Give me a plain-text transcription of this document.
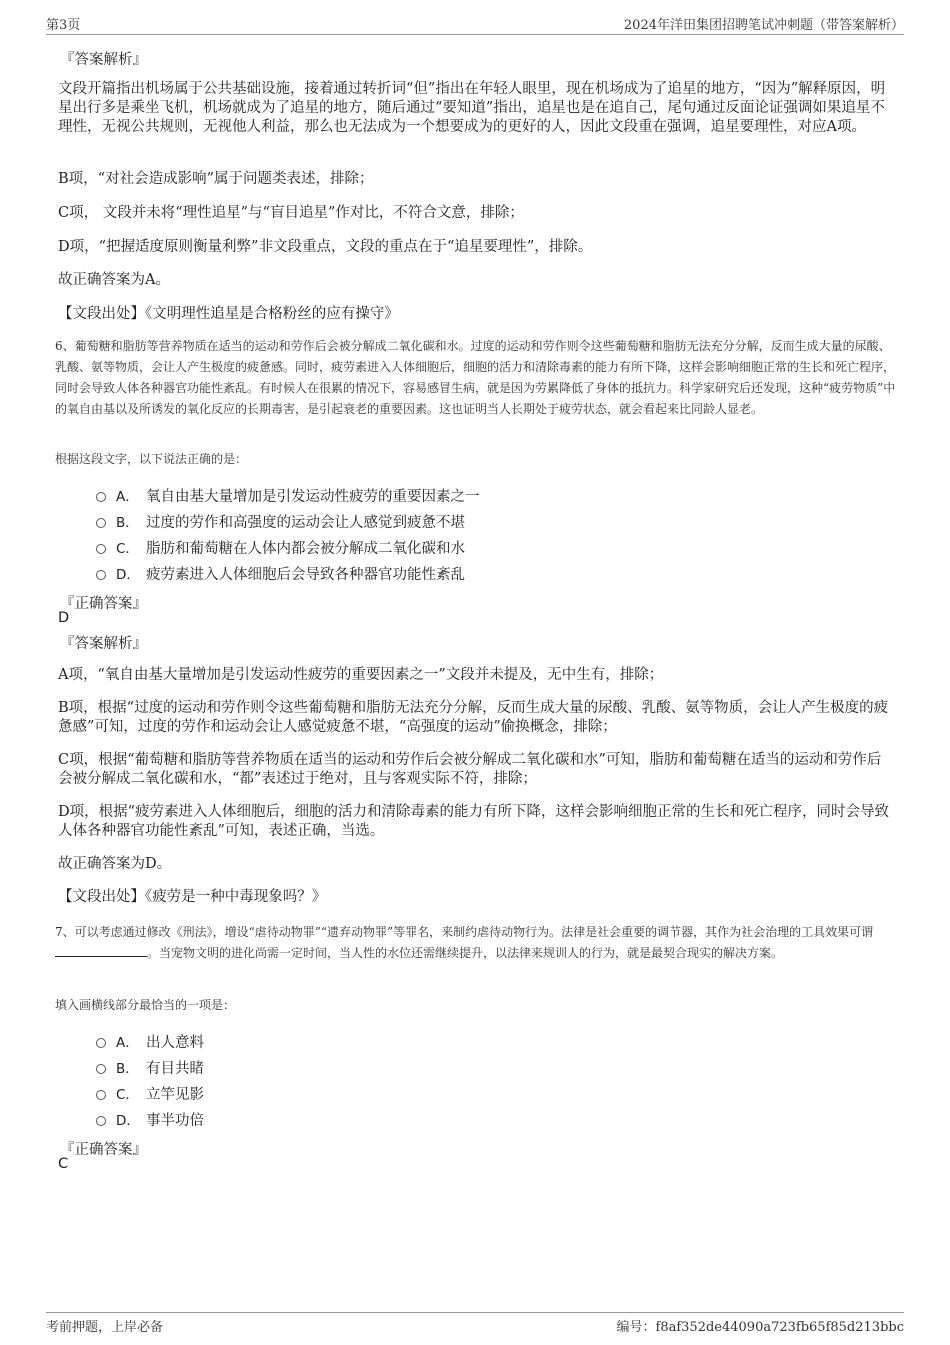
第3页	2024年洋田集团招聘笔试冲刺题（带答案解析）
『答案解析』

文段开篇指出机场属于公共基础设施，接着通过转折词“但”指出在年轻人眼里，现在机场成为了追星的地方，“因为”解释原因，明星出行多是乘坐飞机，机场就成为了追星的地方，随后通过“要知道”指出，追星也是在追自己，尾句通过反面论证强调如果追星不理性，无视公共规则，无视他人利益，那么也无法成为一个想要成为的更好的人，因此文段重在强调，追星要理性，对应A项。

B项，“对社会造成影响”属于问题类表述，排除；

C项， 文段并未将“理性追星”与“盲目追星”作对比，不符合文意，排除；

D项，“把握适度原则衡量利弊”非文段重点，文段的重点在于“追星要理性”，排除。

故正确答案为A。

【文段出处】《文明理性追星是合格粉丝的应有操守》

6、葡萄糖和脂肪等营养物质在适当的运动和劳作后会被分解成二氧化碳和水。过度的运动和劳作则令这些葡萄糖和脂肪无法充分分解，反而生成大量的尿酸、乳酸、氨等物质，会让人产生极度的疲惫感。同时，疲劳素进入人体细胞后，细胞的活力和清除毒素的能力有所下降，这样会影响细胞正常的生长和死亡程序，同时会导致人体各种器官功能性紊乱。有时候人在很累的情况下，容易感冒生病，就是因为劳累降低了身体的抵抗力。科学家研究后还发现，这种“疲劳物质”中的氧自由基以及所诱发的氧化反应的长期毒害，是引起衰老的重要因素。这也证明当人长期处于疲劳状态，就会看起来比同龄人显老。

根据这段文字，以下说法正确的是：

A． 氧自由基大量增加是引发运动性疲劳的重要因素之一
B． 过度的劳作和高强度的运动会让人感觉到疲惫不堪
C． 脂肪和葡萄糖在人体内都会被分解成二氧化碳和水
D． 疲劳素进入人体细胞后会导致各种器官功能性紊乱
『正确答案』
D
『答案解析』

A项，“氧自由基大量增加是引发运动性疲劳的重要因素之一”文段并未提及，无中生有，排除；

B项，根据“过度的运动和劳作则令这些葡萄糖和脂肪无法充分分解，反而生成大量的尿酸、乳酸、氨等物质，会让人产生极度的疲惫感”可知，过度的劳作和运动会让人感觉疲惫不堪，“高强度的运动”偷换概念，排除；

C项，根据“葡萄糖和脂肪等营养物质在适当的运动和劳作后会被分解成二氧化碳和水”可知，脂肪和葡萄糖在适当的运动和劳作后会被分解成二氧化碳和水，“都”表述过于绝对，且与客观实际不符，排除；

D项，根据“疲劳素进入人体细胞后，细胞的活力和清除毒素的能力有所下降，这样会影响细胞正常的生长和死亡程序，同时会导致人体各种器官功能性紊乱”可知，表述正确，当选。

故正确答案为D。

【文段出处】《疲劳是一种中毒现象吗？》

7、可以考虑通过修改《刑法》，增设“虐待动物罪”“遗弃动物罪”等罪名，来制约虐待动物行为。法律是社会重要的调节器，其作为社会治理的工具效果可谓 。当宠物文明的进化尚需一定时间，当人性的水位还需继续提升，以法律来规训人的行为，就是最契合现实的解决方案。

填入画横线部分最恰当的一项是：

A． 出人意料
B． 有目共睹
C． 立竿见影
D． 事半功倍
『正确答案』
C
考前押题，上岸必备	编号：f8af352de44090a723fb65f85d213bbc
